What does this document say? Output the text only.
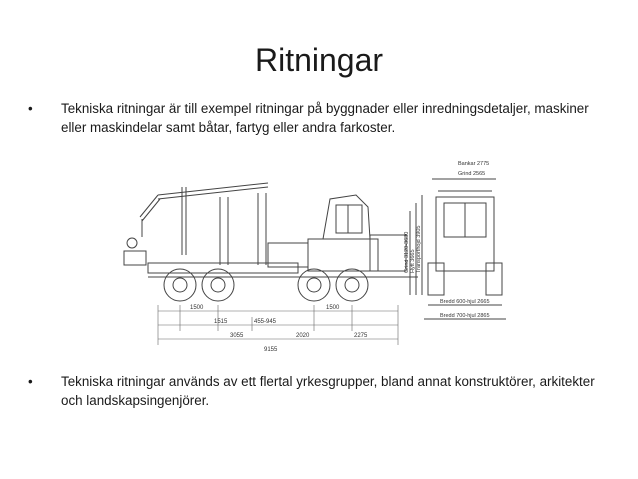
Ritningar
•	Tekniska ritningar är till exempel ritningar på byggnader eller inredningsdetaljer, maskiner eller maskindelar samt båtar, fartyg eller andra farkoster.
1500
1515	455-945
1500
3055	2020	2275
9155
Bankar 2775
Grind 2565
Bredd 600-hjul 2665
Bredd 700-hjul 2865
Transporthöjd 3905
Hytt 3665
Grind 3120-3630
•	Tekniska ritningar används av ett flertal yrkesgrupper, bland annat konstruktörer, arkitekter och landskapsingenjörer.
